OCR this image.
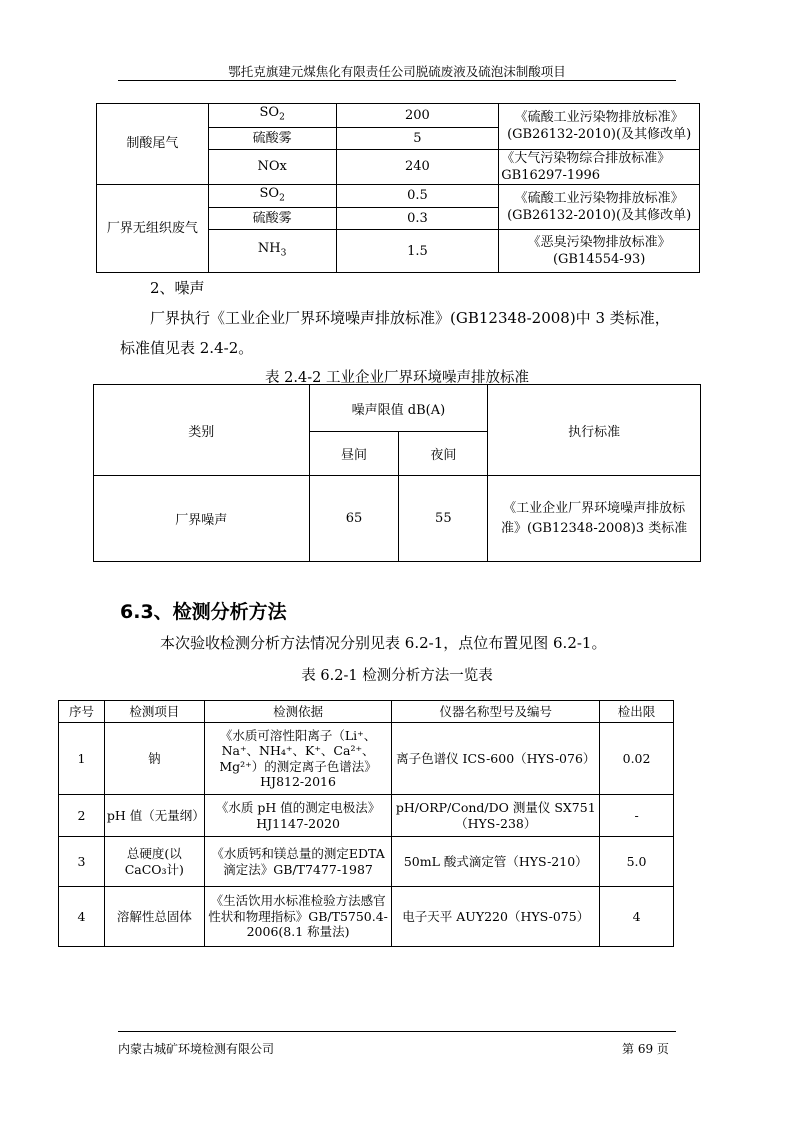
鄂托克旗建元煤焦化有限责任公司脱硫废液及硫泡沫制酸项目
制酸尾气	$SO_2$	200	《硫酸工业污染物排放标准》(GB26132-2010)(及其修改单)
	硫酸雾	5	
	NOx	240	《大气污染物综合排放标准》GB16297-1996
厂界无组织废气	$SO_2$	0.5	《硫酸工业污染物排放标准》(GB26132-2010)(及其修改单)
	硫酸雾	0.3	
	$NH_3$	1.5	《恶臭污染物排放标准》(GB14554-93)
2、噪声
厂界执行《工业企业厂界环境噪声排放标准》(GB12348-2008)中 3 类标准，
标准值见表 2.4-2。
表 2.4-2 工业企业厂界环境噪声排放标准
类别	噪声限值 dB(A)		执行标准
	昼间	夜间	
厂界噪声	65	55	《工业企业厂界环境噪声排放标准》(GB12348-2008)3 类标准
6.3、检测分析方法
本次验收检测分析方法情况分别见表 6.2-1，点位布置见图 6.2-1。
表 6.2-1 检测分析方法一览表
序号	检测项目	检测依据	仪器名称型号及编号	检出限
1	钠	《水质可溶性阳离子（Li⁺、Na⁺、NH₄⁺、K⁺、Ca²⁺、Mg²⁺）的测定离子色谱法》HJ812-2016	离子色谱仪 ICS-600（HYS-076）	0.02
2	pH 值（无量纲）	《水质 pH 值的测定电极法》HJ1147-2020	pH/ORP/Cond/DO 测量仪 SX751（HYS-238）	-
3	总硬度(以CaCO₃计)	《水质钙和镁总量的测定EDTA 滴定法》GB/T7477-1987	50mL 酸式滴定管（HYS-210）	5.0
4	溶解性总固体	《生活饮用水标准检验方法感官性状和物理指标》GB/T5750.4-2006(8.1 称量法)	电子天平 AUY220（HYS-075）	4
内蒙古城矿环境检测有限公司	第 69 页
